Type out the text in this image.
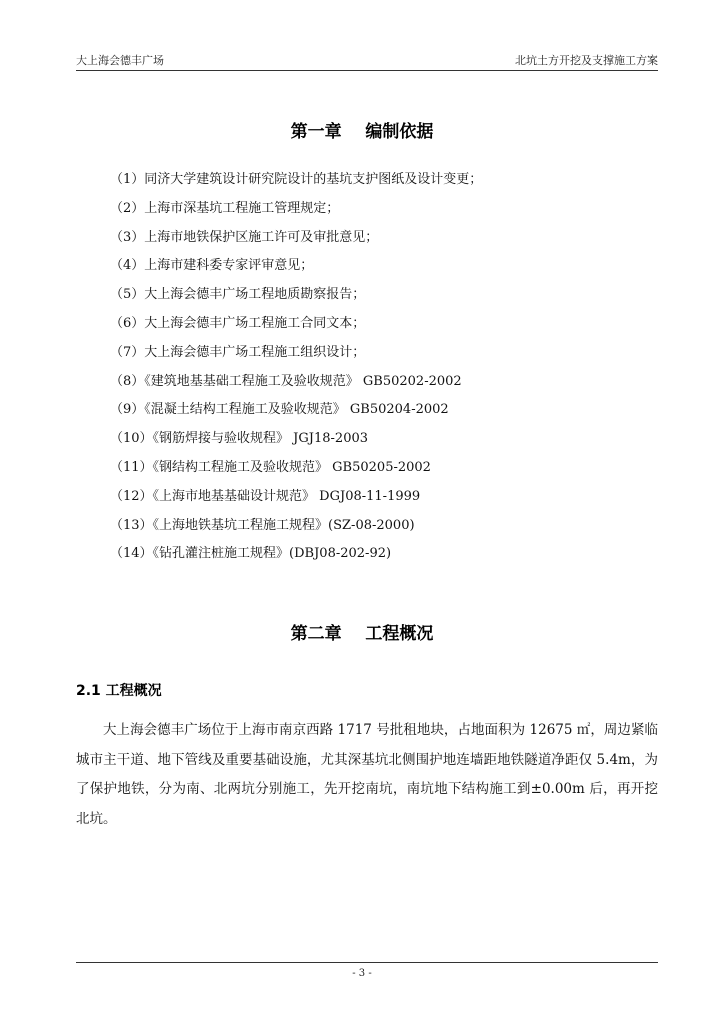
大上海会德丰广场	北坑土方开挖及支撑施工方案
第一章    编制依据
（1）同济大学建筑设计研究院设计的基坑支护图纸及设计变更；
（2）上海市深基坑工程施工管理规定；
（3）上海市地铁保护区施工许可及审批意见；
（4）上海市建科委专家评审意见；
（5）大上海会德丰广场工程地质勘察报告；
（6）大上海会德丰广场工程施工合同文本；
（7）大上海会德丰广场工程施工组织设计；
（8）《建筑地基基础工程施工及验收规范》 GB50202-2002
（9）《混凝土结构工程施工及验收规范》 GB50204-2002
（10）《钢筋焊接与验收规程》 JGJ18-2003
（11）《钢结构工程施工及验收规范》 GB50205-2002
（12）《上海市地基基础设计规范》 DGJ08-11-1999
（13）《上海地铁基坑工程施工规程》(SZ-08-2000)
（14）《钻孔灌注桩施工规程》(DBJ08-202-92)
第二章    工程概况
2.1 工程概况

大上海会德丰广场位于上海市南京西路 1717 号批租地块，占地面积为 12675 ㎡，周边紧临城市主干道、地下管线及重要基础设施，尤其深基坑北侧围护地连墙距地铁隧道净距仅 5.4m，为了保护地铁，分为南、北两坑分别施工，先开挖南坑，南坑地下结构施工到±0.00m 后，再开挖北坑。

- 3 -
